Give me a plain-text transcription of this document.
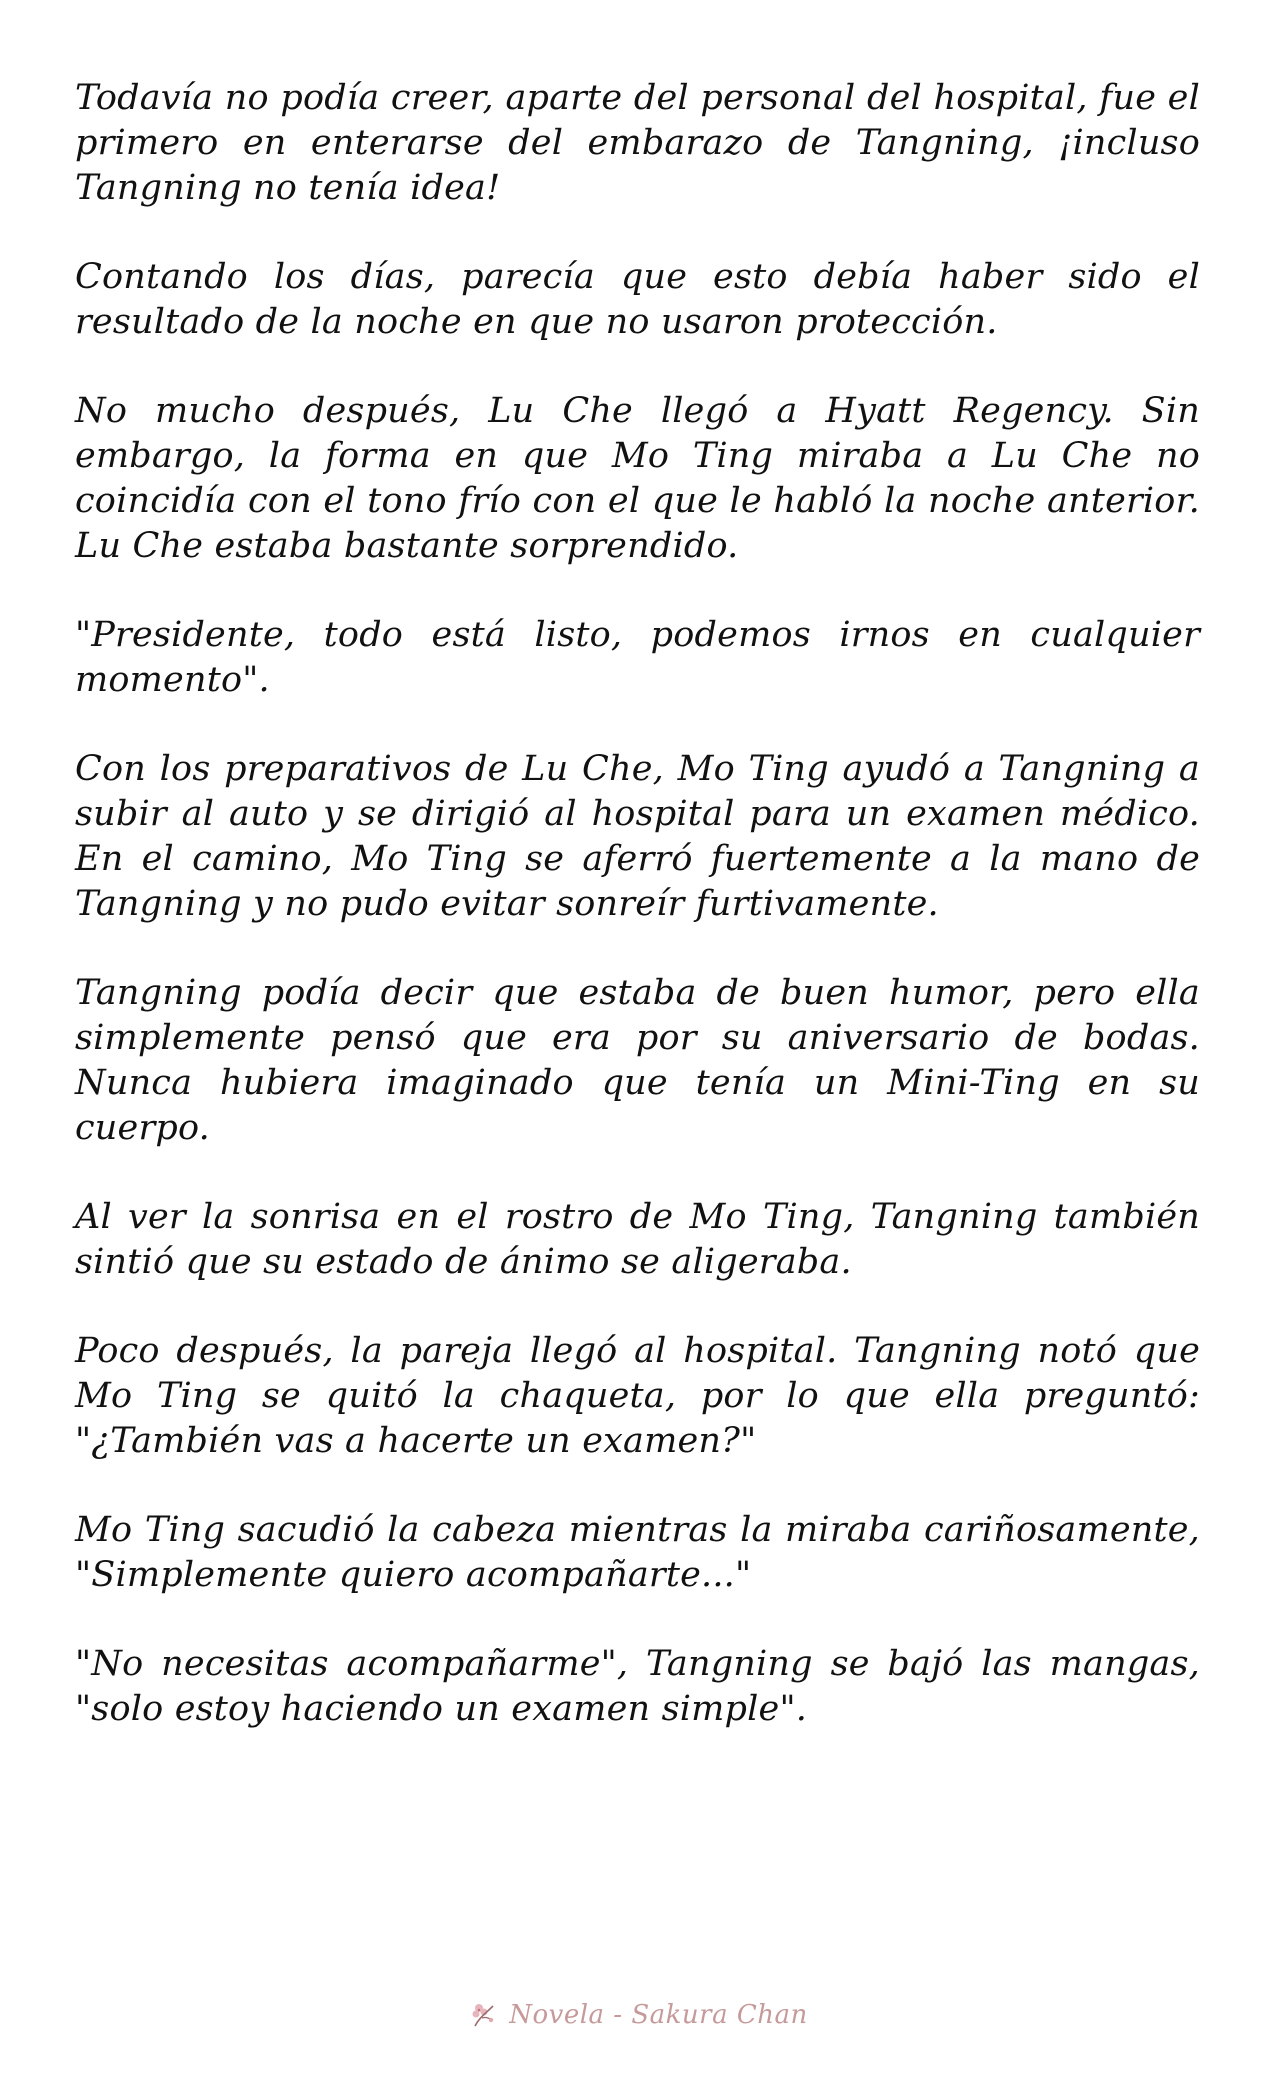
Todavía no podía creer, aparte del personal del hospital, fue el primero en enterarse del embarazo de Tangning, ¡incluso Tangning no tenía idea!

Contando los días, parecía que esto debía haber sido el resultado de la noche en que no usaron protección.

No mucho después, Lu Che llegó a Hyatt Regency. Sin embargo, la forma en que Mo Ting miraba a Lu Che no coincidía con el tono frío con el que le habló la noche anterior. Lu Che estaba bastante sorprendido.

"Presidente, todo está listo, podemos irnos en cualquier momento".

Con los preparativos de Lu Che, Mo Ting ayudó a Tangning a subir al auto y se dirigió al hospital para un examen médico. En el camino, Mo Ting se aferró fuertemente a la mano de Tangning y no pudo evitar sonreír furtivamente.

Tangning podía decir que estaba de buen humor, pero ella simplemente pensó que era por su aniversario de bodas. Nunca hubiera imaginado que tenía un Mini-Ting en su cuerpo.

Al ver la sonrisa en el rostro de Mo Ting, Tangning también sintió que su estado de ánimo se aligeraba.

Poco después, la pareja llegó al hospital. Tangning notó que Mo Ting se quitó la chaqueta, por lo que ella preguntó: "¿También vas a hacerte un examen?"

Mo Ting sacudió la cabeza mientras la miraba cariñosamente, "Simplemente quiero acompañarte..."

"No necesitas acompañarme", Tangning se bajó las mangas, "solo estoy haciendo un examen simple".

Novela - Sakura Chan
